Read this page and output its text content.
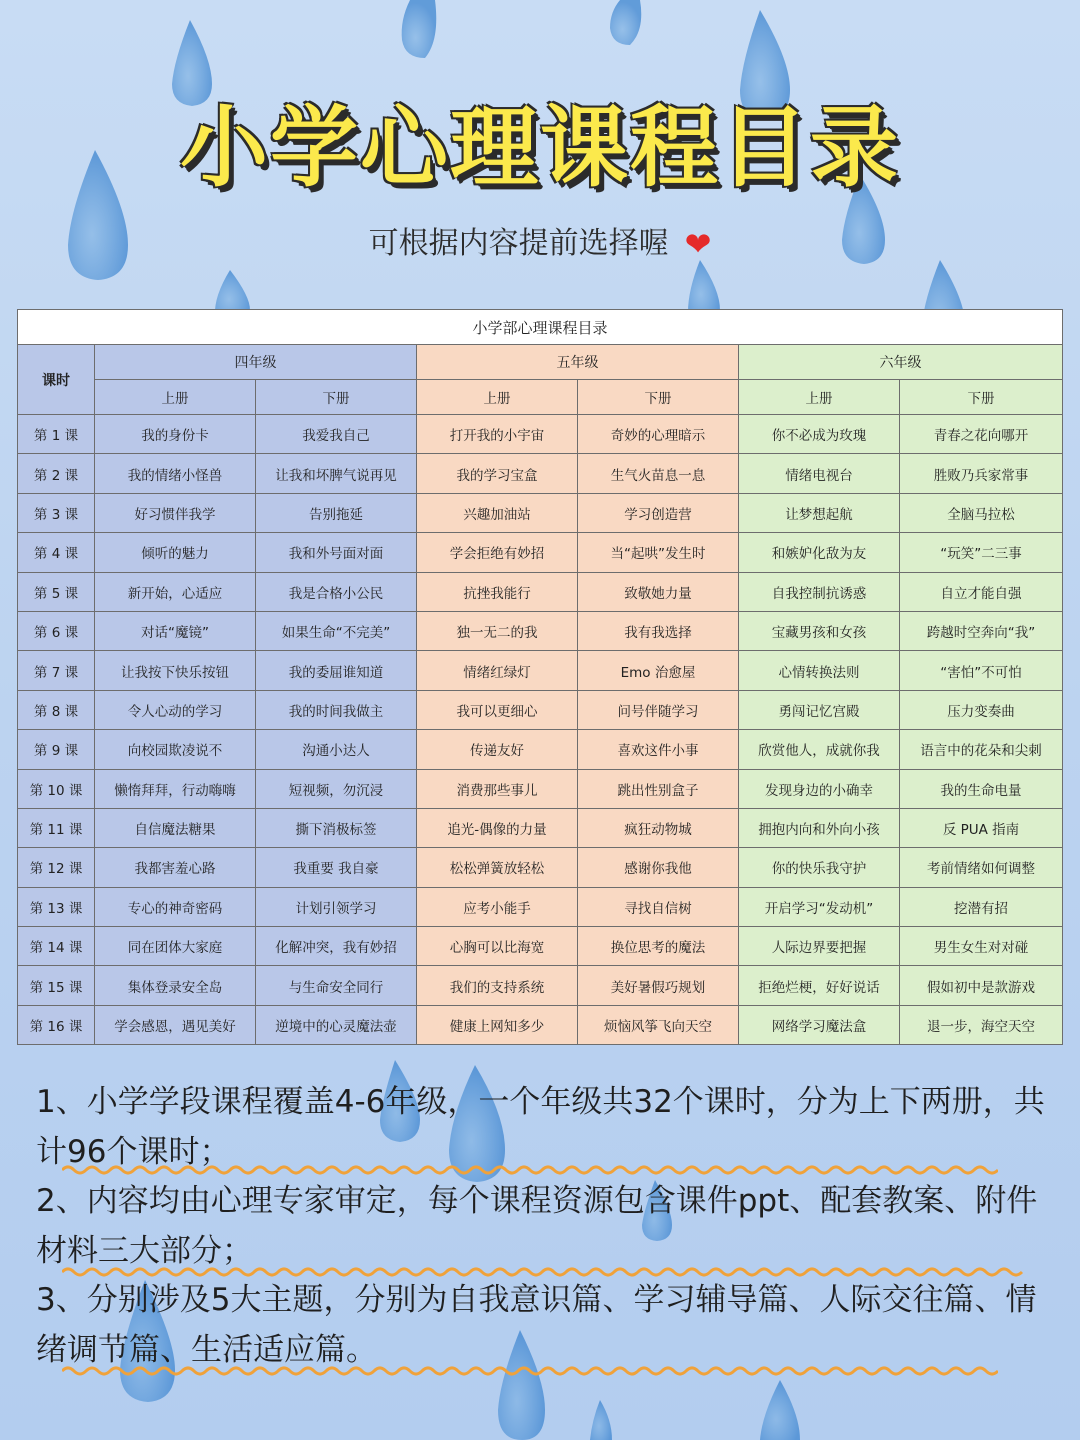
小学心理课程目录
可根据内容提前选择喔 ❤
小学部心理课程目录						
课时	四年级		五年级		六年级	
	上册	下册	上册	下册	上册	下册
第 1 课	我的身份卡	我爱我自己	打开我的小宇宙	奇妙的心理暗示	你不必成为玫瑰	青春之花向哪开
第 2 课	我的情绪小怪兽	让我和坏脾气说再见	我的学习宝盒	生气火苗息一息	情绪电视台	胜败乃兵家常事
第 3 课	好习惯伴我学	告别拖延	兴趣加油站	学习创造营	让梦想起航	全脑马拉松
第 4 课	倾听的魅力	我和外号面对面	学会拒绝有妙招	当“起哄”发生时	和嫉妒化敌为友	“玩笑”二三事
第 5 课	新开始，心适应	我是合格小公民	抗挫我能行	致敬她力量	自我控制抗诱惑	自立才能自强
第 6 课	对话“魔镜”	如果生命“不完美”	独一无二的我	我有我选择	宝藏男孩和女孩	跨越时空奔向“我”
第 7 课	让我按下快乐按钮	我的委屈谁知道	情绪红绿灯	Emo 治愈屋	心情转换法则	“害怕”不可怕
第 8 课	令人心动的学习	我的时间我做主	我可以更细心	问号伴随学习	勇闯记忆宫殿	压力变奏曲
第 9 课	向校园欺凌说不	沟通小达人	传递友好	喜欢这件小事	欣赏他人，成就你我	语言中的花朵和尖刺
第 10 课	懒惰拜拜，行动嗨嗨	短视频，勿沉浸	消费那些事儿	跳出性别盒子	发现身边的小确幸	我的生命电量
第 11 课	自信魔法糖果	撕下消极标签	追光-偶像的力量	疯狂动物城	拥抱内向和外向小孩	反 PUA 指南
第 12 课	我都害羞心路	我重要 我自豪	松松弹簧放轻松	感谢你我他	你的快乐我守护	考前情绪如何调整
第 13 课	专心的神奇密码	计划引领学习	应考小能手	寻找自信树	开启学习“发动机”	挖潜有招
第 14 课	同在团体大家庭	化解冲突，我有妙招	心胸可以比海宽	换位思考的魔法	人际边界要把握	男生女生对对碰
第 15 课	集体登录安全岛	与生命安全同行	我们的支持系统	美好暑假巧规划	拒绝烂梗，好好说话	假如初中是款游戏
第 16 课	学会感恩，遇见美好	逆境中的心灵魔法壶	健康上网知多少	烦恼风筝飞向天空	网络学习魔法盒	退一步，海空天空

1、小学学段课程覆盖4-6年级，一个年级共32个课时，分为上下两册，共计96个课时；

2、内容均由心理专家审定，每个课程资源包含课件ppt、配套教案、附件材料三大部分；

3、分别涉及5大主题，分别为自我意识篇、学习辅导篇、人际交往篇、情绪调节篇、生活适应篇。
